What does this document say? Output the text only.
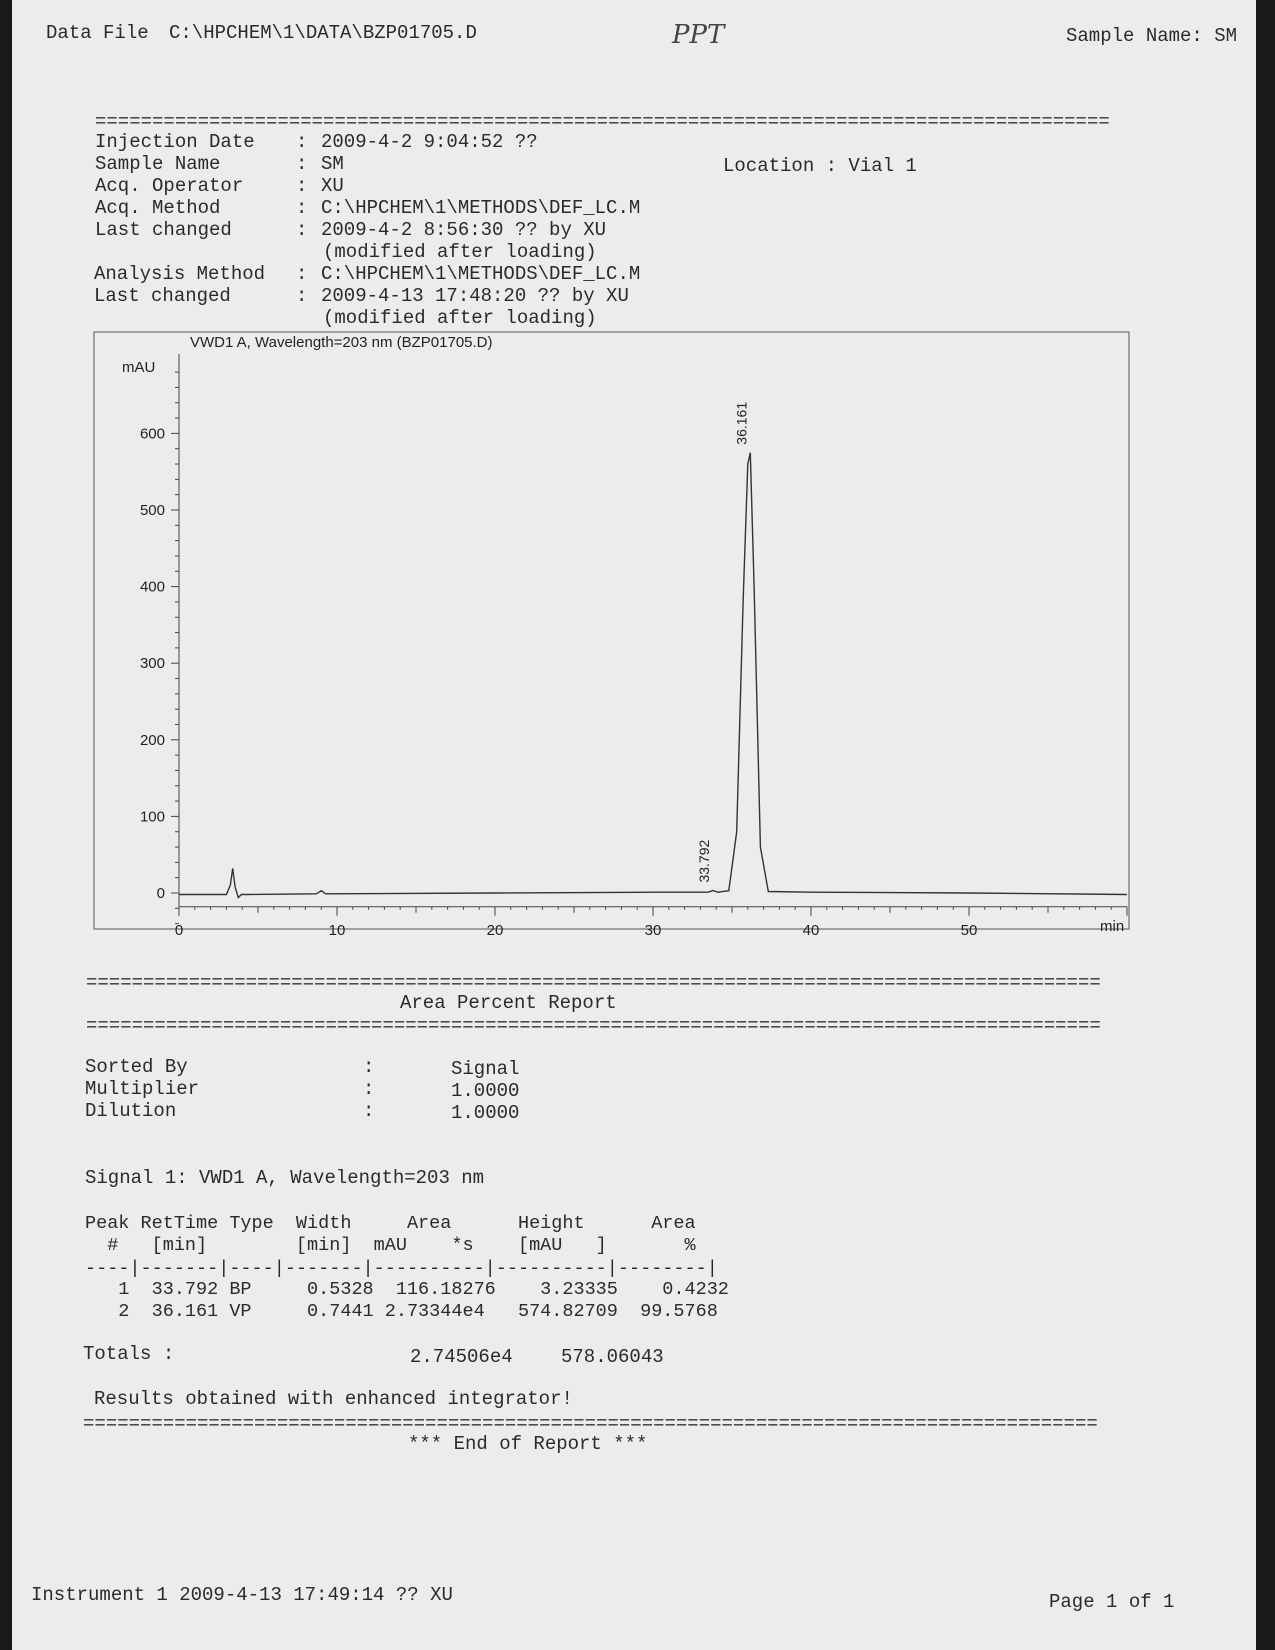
Data File C:\HPCHEM\1\DATA\BZP01705.D	PPT	Sample Name: SM
=========================================================================================
Injection Date : 2009-4-2 9:04:52 ??
Sample Name	: SM	Location : Vial 1
Acq. Operator	: XU
Acq. Method	: C:\HPCHEM\1\METHODS\DEF_LC.M
Last changed	: 2009-4-2 8:56:30 ?? by XU
(modified after loading)
Analysis Method : C:\HPCHEM\1\METHODS\DEF_LC.M
Last changed	: 2009-4-13 17:48:20 ?? by XU
(modified after loading)
VWD1 A, Wavelength=203 nm (BZP01705.D)
mAU
min
0
100
200
300
400
500
600
0	10	20	30	40	50
33.792
36.161
=========================================================================================
Area Percent Report
=========================================================================================
Sorted By	:	Signal
Multiplier	:	1.0000
Dilution	:	1.0000
Signal 1: VWD1 A, Wavelength=203 nm
Peak RetTime Type  Width     Area      Height      Area
#   [min]        [min]  mAU    *s    [mAU   ]       %
----|-------|----|-------|----------|----------|--------|
1  33.792 BP     0.5328  116.18276    3.23335    0.4232
2  36.161 VP     0.7441 2.73344e4   574.82709  99.5768
Totals :	2.74506e4	578.06043
Results obtained with enhanced integrator!
=========================================================================================
*** End of Report ***
Instrument 1 2009-4-13 17:49:14 ?? XU	Page 1 of 1
